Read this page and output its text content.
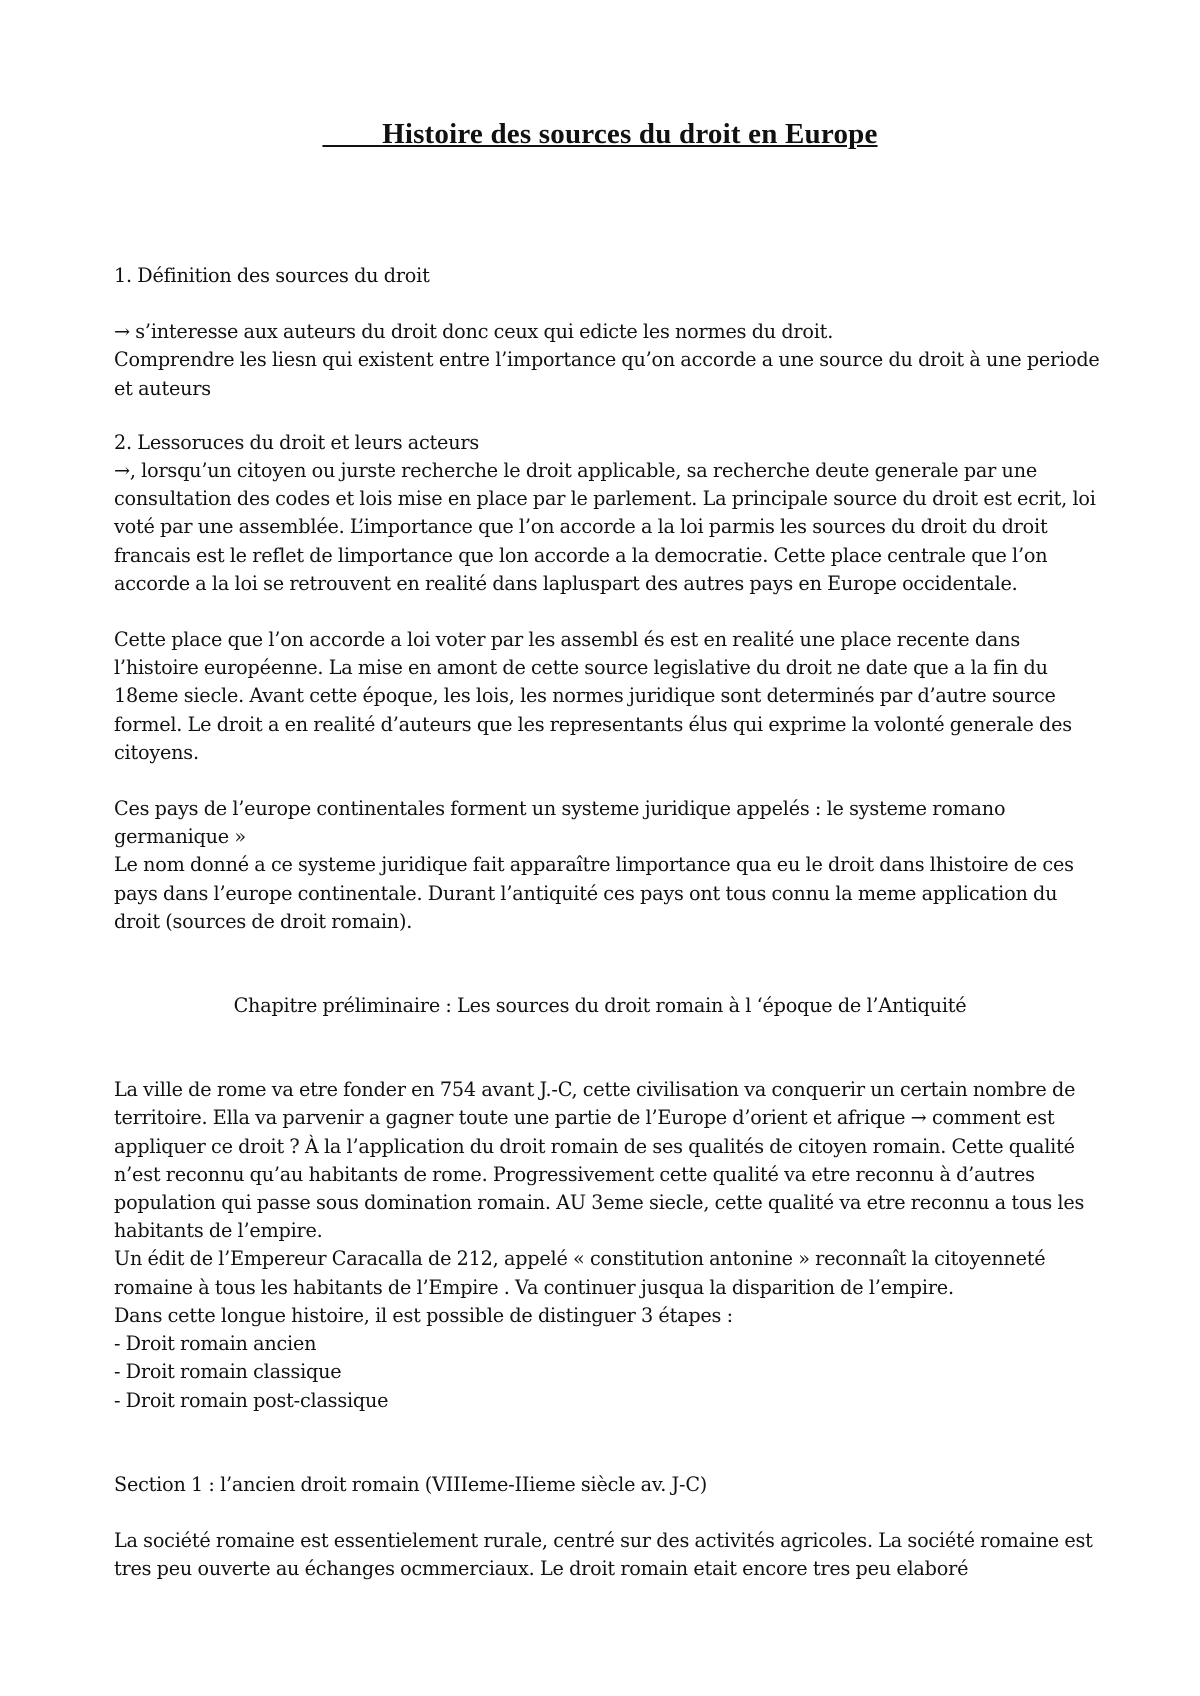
Histoire des sources du droit en Europe

1. Définition des sources du droit

→ s’interesse aux auteurs du droit donc ceux qui edicte les normes du droit.

Comprendre les liesn qui existent entre l’importance qu’on accorde a une source du droit à une periode et auteurs

2. Lessoruces du droit et leurs acteurs

→, lorsqu’un citoyen ou jurste recherche le droit applicable, sa recherche deute generale par une consultation des codes et lois mise en place par le parlement. La principale source du droit est ecrit, loi voté par une assemblée. L’importance que l’on accorde a la loi parmis les sources du droit du droit francais est le reflet de limportance que lon accorde a la democratie. Cette place centrale que l’on accorde a la loi se retrouvent en realité dans lapluspart des autres pays en Europe occidentale.

Cette place que l’on accorde a loi voter par les assembl és est en realité une place recente dans l’histoire européenne. La mise en amont de cette source legislative du droit ne date que a la fin du 18eme siecle. Avant cette époque, les lois, les normes juridique sont determinés par d’autre source formel. Le droit a en realité d’auteurs que les representants élus qui exprime la volonté generale des citoyens.

Ces pays de l’europe continentales forment un systeme juridique appelés : le systeme romano germanique »

Le nom donné a ce systeme juridique fait apparaître limportance qua eu le droit dans lhistoire de ces pays dans l’europe continentale. Durant l’antiquité ces pays ont tous connu la meme application du droit (sources de droit romain).

Chapitre préliminaire : Les sources du droit romain à l ‘époque de l’Antiquité

La ville de rome va etre fonder en 754 avant J.-C, cette civilisation va conquerir un certain nombre de territoire. Ella va parvenir a gagner toute une partie de l’Europe d’orient et afrique → comment est appliquer ce droit ? À la l’application du droit romain de ses qualités de citoyen romain. Cette qualité n’est reconnu qu’au habitants de rome. Progressivement cette qualité va etre reconnu à d’autres population qui passe sous domination romain. AU 3eme siecle, cette qualité va etre reconnu a tous les habitants de l’empire.

Un édit de l’Empereur Caracalla de 212, appelé « constitution antonine » reconnaît la citoyenneté romaine à tous les habitants de l’Empire . Va continuer jusqua la disparition de l’empire.

Dans cette longue histoire, il est possible de distinguer 3 étapes :

- Droit romain ancien

- Droit romain classique

- Droit romain post-classique

Section 1 : l’ancien droit romain (VIIIeme-IIieme siècle av. J-C)

La société romaine est essentielement rurale, centré sur des activités agricoles. La société romaine est tres peu ouverte au échanges ocmmerciaux. Le droit romain etait encore tres peu elaboré
